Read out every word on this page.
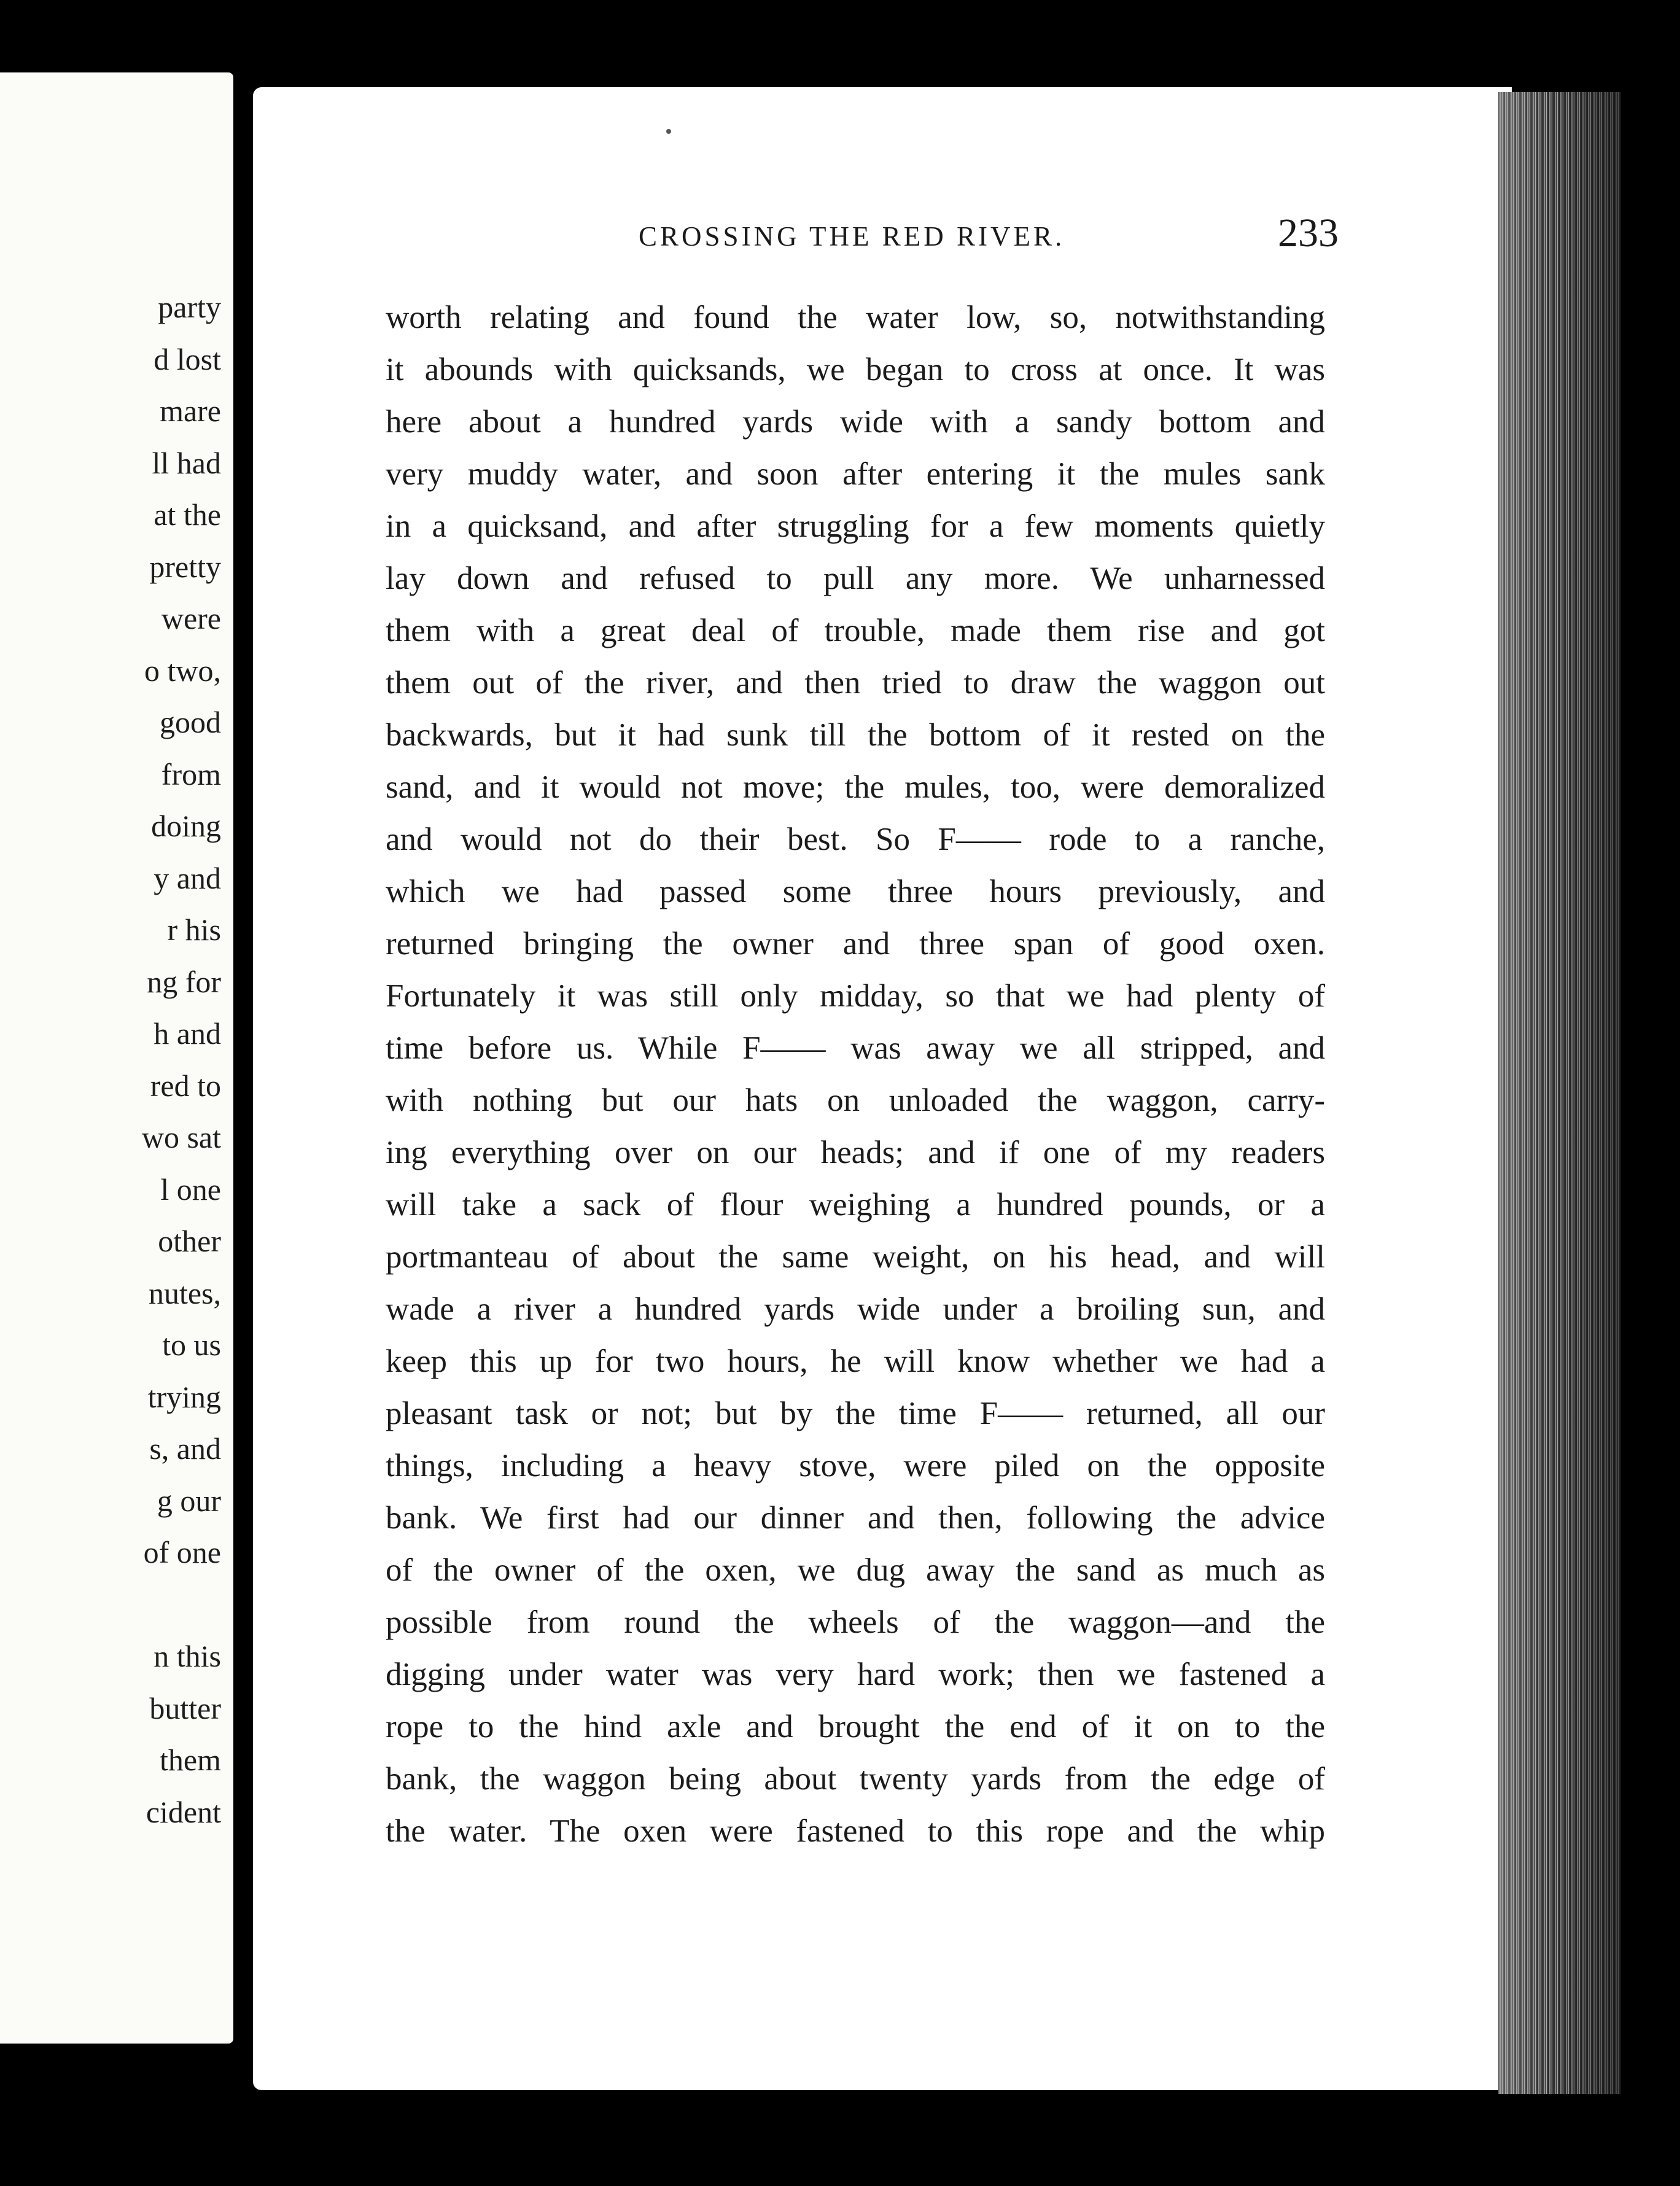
party
d lost
mare
ll had
at the
pretty
were
o two,
good
from
doing
y and
r his
ng for
h and
red to
wo sat
l one
other
nutes,
to us
trying
s, and
g our
of one
n this
butter
them
cident
CROSSING THE RED RIVER.	233
worth relating and found the water low, so, notwithstanding
it abounds with quicksands, we began to cross at once. It was
here about a hundred yards wide with a sandy bottom and
very muddy water, and soon after entering it the mules sank
in a quicksand, and after struggling for a few moments quietly
lay down and refused to pull any more. We unharnessed
them with a great deal of trouble, made them rise and got
them out of the river, and then tried to draw the waggon out
backwards, but it had sunk till the bottom of it rested on the
sand, and it would not move; the mules, too, were demoralized
and would not do their best. So F—— rode to a ranche,
which we had passed some three hours previously, and
returned bringing the owner and three span of good oxen.
Fortunately it was still only midday, so that we had plenty of
time before us. While F—— was away we all stripped, and
with nothing but our hats on unloaded the waggon, carry-
ing everything over on our heads; and if one of my readers
will take a sack of flour weighing a hundred pounds, or a
portmanteau of about the same weight, on his head, and will
wade a river a hundred yards wide under a broiling sun, and
keep this up for two hours, he will know whether we had a
pleasant task or not; but by the time F—— returned, all our
things, including a heavy stove, were piled on the opposite
bank. We first had our dinner and then, following the advice
of the owner of the oxen, we dug away the sand as much as
possible from round the wheels of the waggon—and the
digging under water was very hard work; then we fastened a
rope to the hind axle and brought the end of it on to the
bank, the waggon being about twenty yards from the edge of
the water. The oxen were fastened to this rope and the whip
